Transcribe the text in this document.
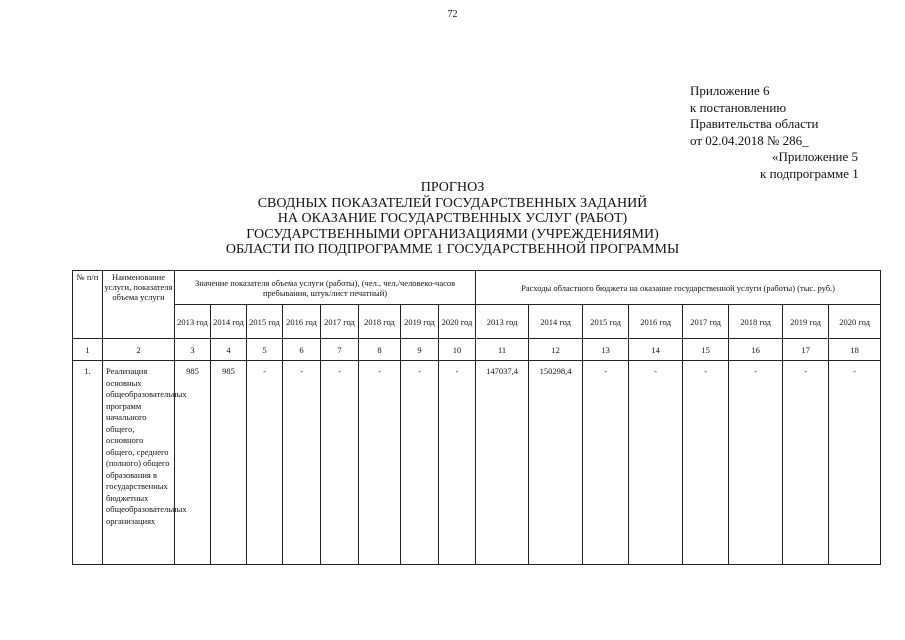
72
Приложение 6
к постановлению
Правительства области
от 02.04.2018 № 286_
«Приложение 5
к подпрограмме 1
ПРОГНОЗ
СВОДНЫХ ПОКАЗАТЕЛЕЙ ГОСУДАРСТВЕННЫХ ЗАДАНИЙ
НА ОКАЗАНИЕ ГОСУДАРСТВЕННЫХ УСЛУГ (РАБОТ)
ГОСУДАРСТВЕННЫМИ ОРГАНИЗАЦИЯМИ (УЧРЕЖДЕНИЯМИ)
ОБЛАСТИ ПО ПОДПРОГРАММЕ 1 ГОСУДАРСТВЕННОЙ ПРОГРАММЫ
№ п/п	Наименование услуги, показателя объема услуги	Значение показателя объема услуги (работы), (чел., чел./человеко-часов пребывания, штук/лист печатный)								Расходы областного бюджета на оказание государственной услуги (работы) (тыс. руб.)							
		2013 год	2014 год	2015 год	2016 год	2017 год	2018 год	2019 год	2020 год	2013 год	2014 год	2015 год	2016 год	2017 год	2018 год	2019 год	2020 год
1	2	3	4	5	6	7	8	9	10	11	12	13	14	15	16	17	18
1.	Реализация основных общеобразовательных программ начального общего, основного общего, среднего (полного) общего образования в государственных бюджетных общеобразовательных организациях	985	985	-	-	-	-	-	-	147037,4	150298,4	-	-	-	-	-	-
